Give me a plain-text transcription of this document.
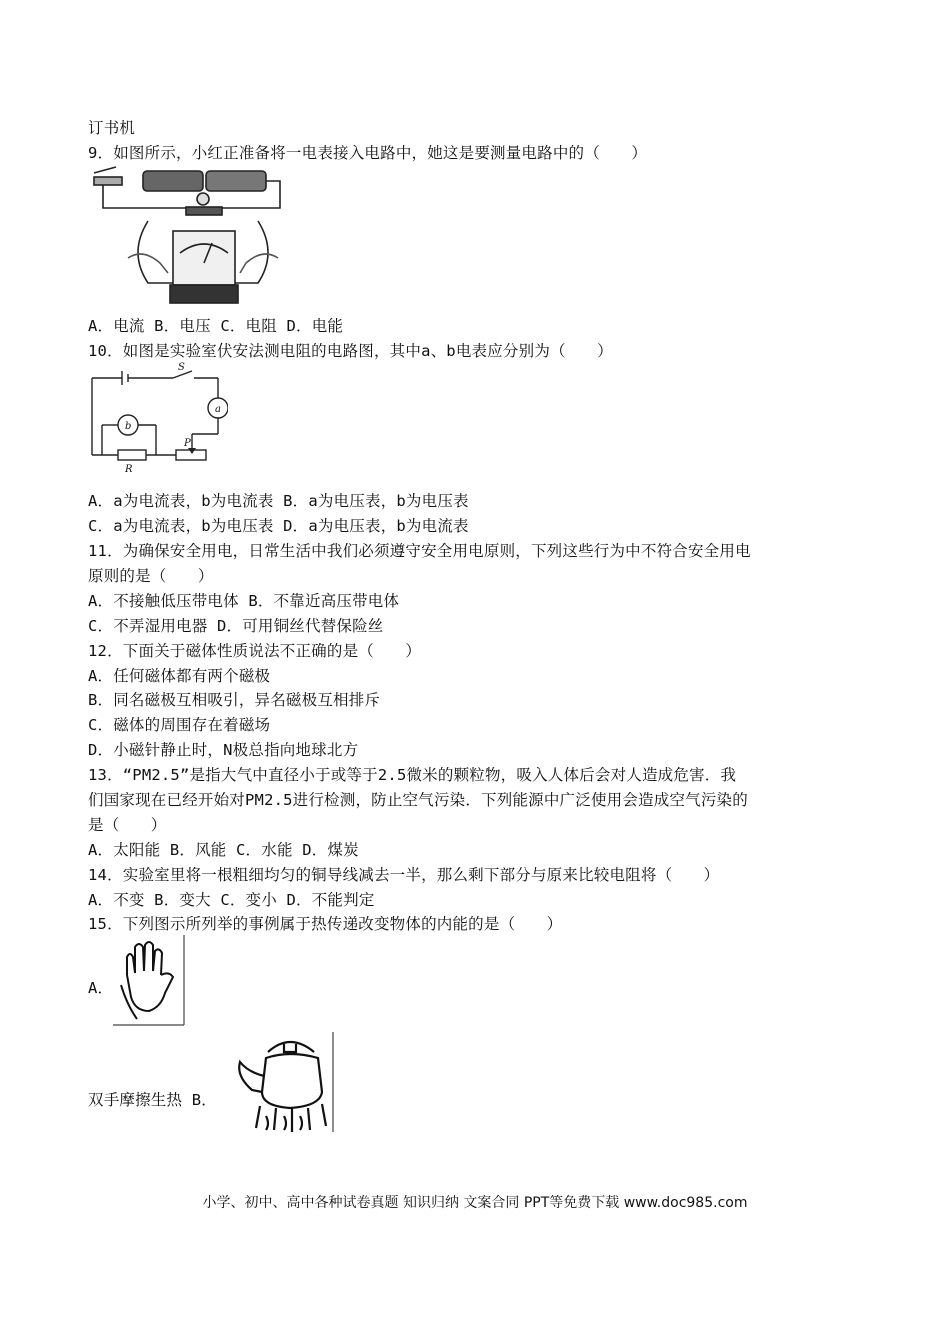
订书机
9．如图所示，小红正准备将一电表接入电路中，她这是要测量电路中的（　　）
A．电流 B．电压 C．电阻 D．电能
10．如图是实验室伏安法测电阻的电路图，其中a、b电表应分别为（　　）
S
a
b
P
R
A．a为电流表，b为电流表 B．a为电压表，b为电压表
C．a为电流表，b为电压表 D．a为电压表，b为电流表
11．为确保安全用电，日常生活中我们必须遵守安全用电原则，下列这些行为中不符合安全用电
原则的是（　　）
A．不接触低压带电体 B．不靠近高压带电体
C．不弄湿用电器 D．可用铜丝代替保险丝
12．下面关于磁体性质说法不正确的是（　　）
A．任何磁体都有两个磁极
B．同名磁极互相吸引，异名磁极互相排斥
C．磁体的周围存在着磁场
D．小磁针静止时，N极总指向地球北方
13．“PM2.5”是指大气中直径小于或等于2.5微米的颗粒物，吸入人体后会对人造成危害．我
们国家现在已经开始对PM2.5进行检测，防止空气污染．下列能源中广泛使用会造成空气污染的
是（　　）
A．太阳能 B．风能 C．水能 D．煤炭
14．实验室里将一根粗细均匀的铜导线减去一半，那么剩下部分与原来比较电阻将（　　）
A．不变 B．变大 C．变小 D．不能判定
15．下列图示所列举的事例属于热传递改变物体的内能的是（　　）
A．
双手摩擦生热 B．
小学、初中、高中各种试卷真题 知识归纳 文案合同 PPT等免费下载 www.doc985.com
